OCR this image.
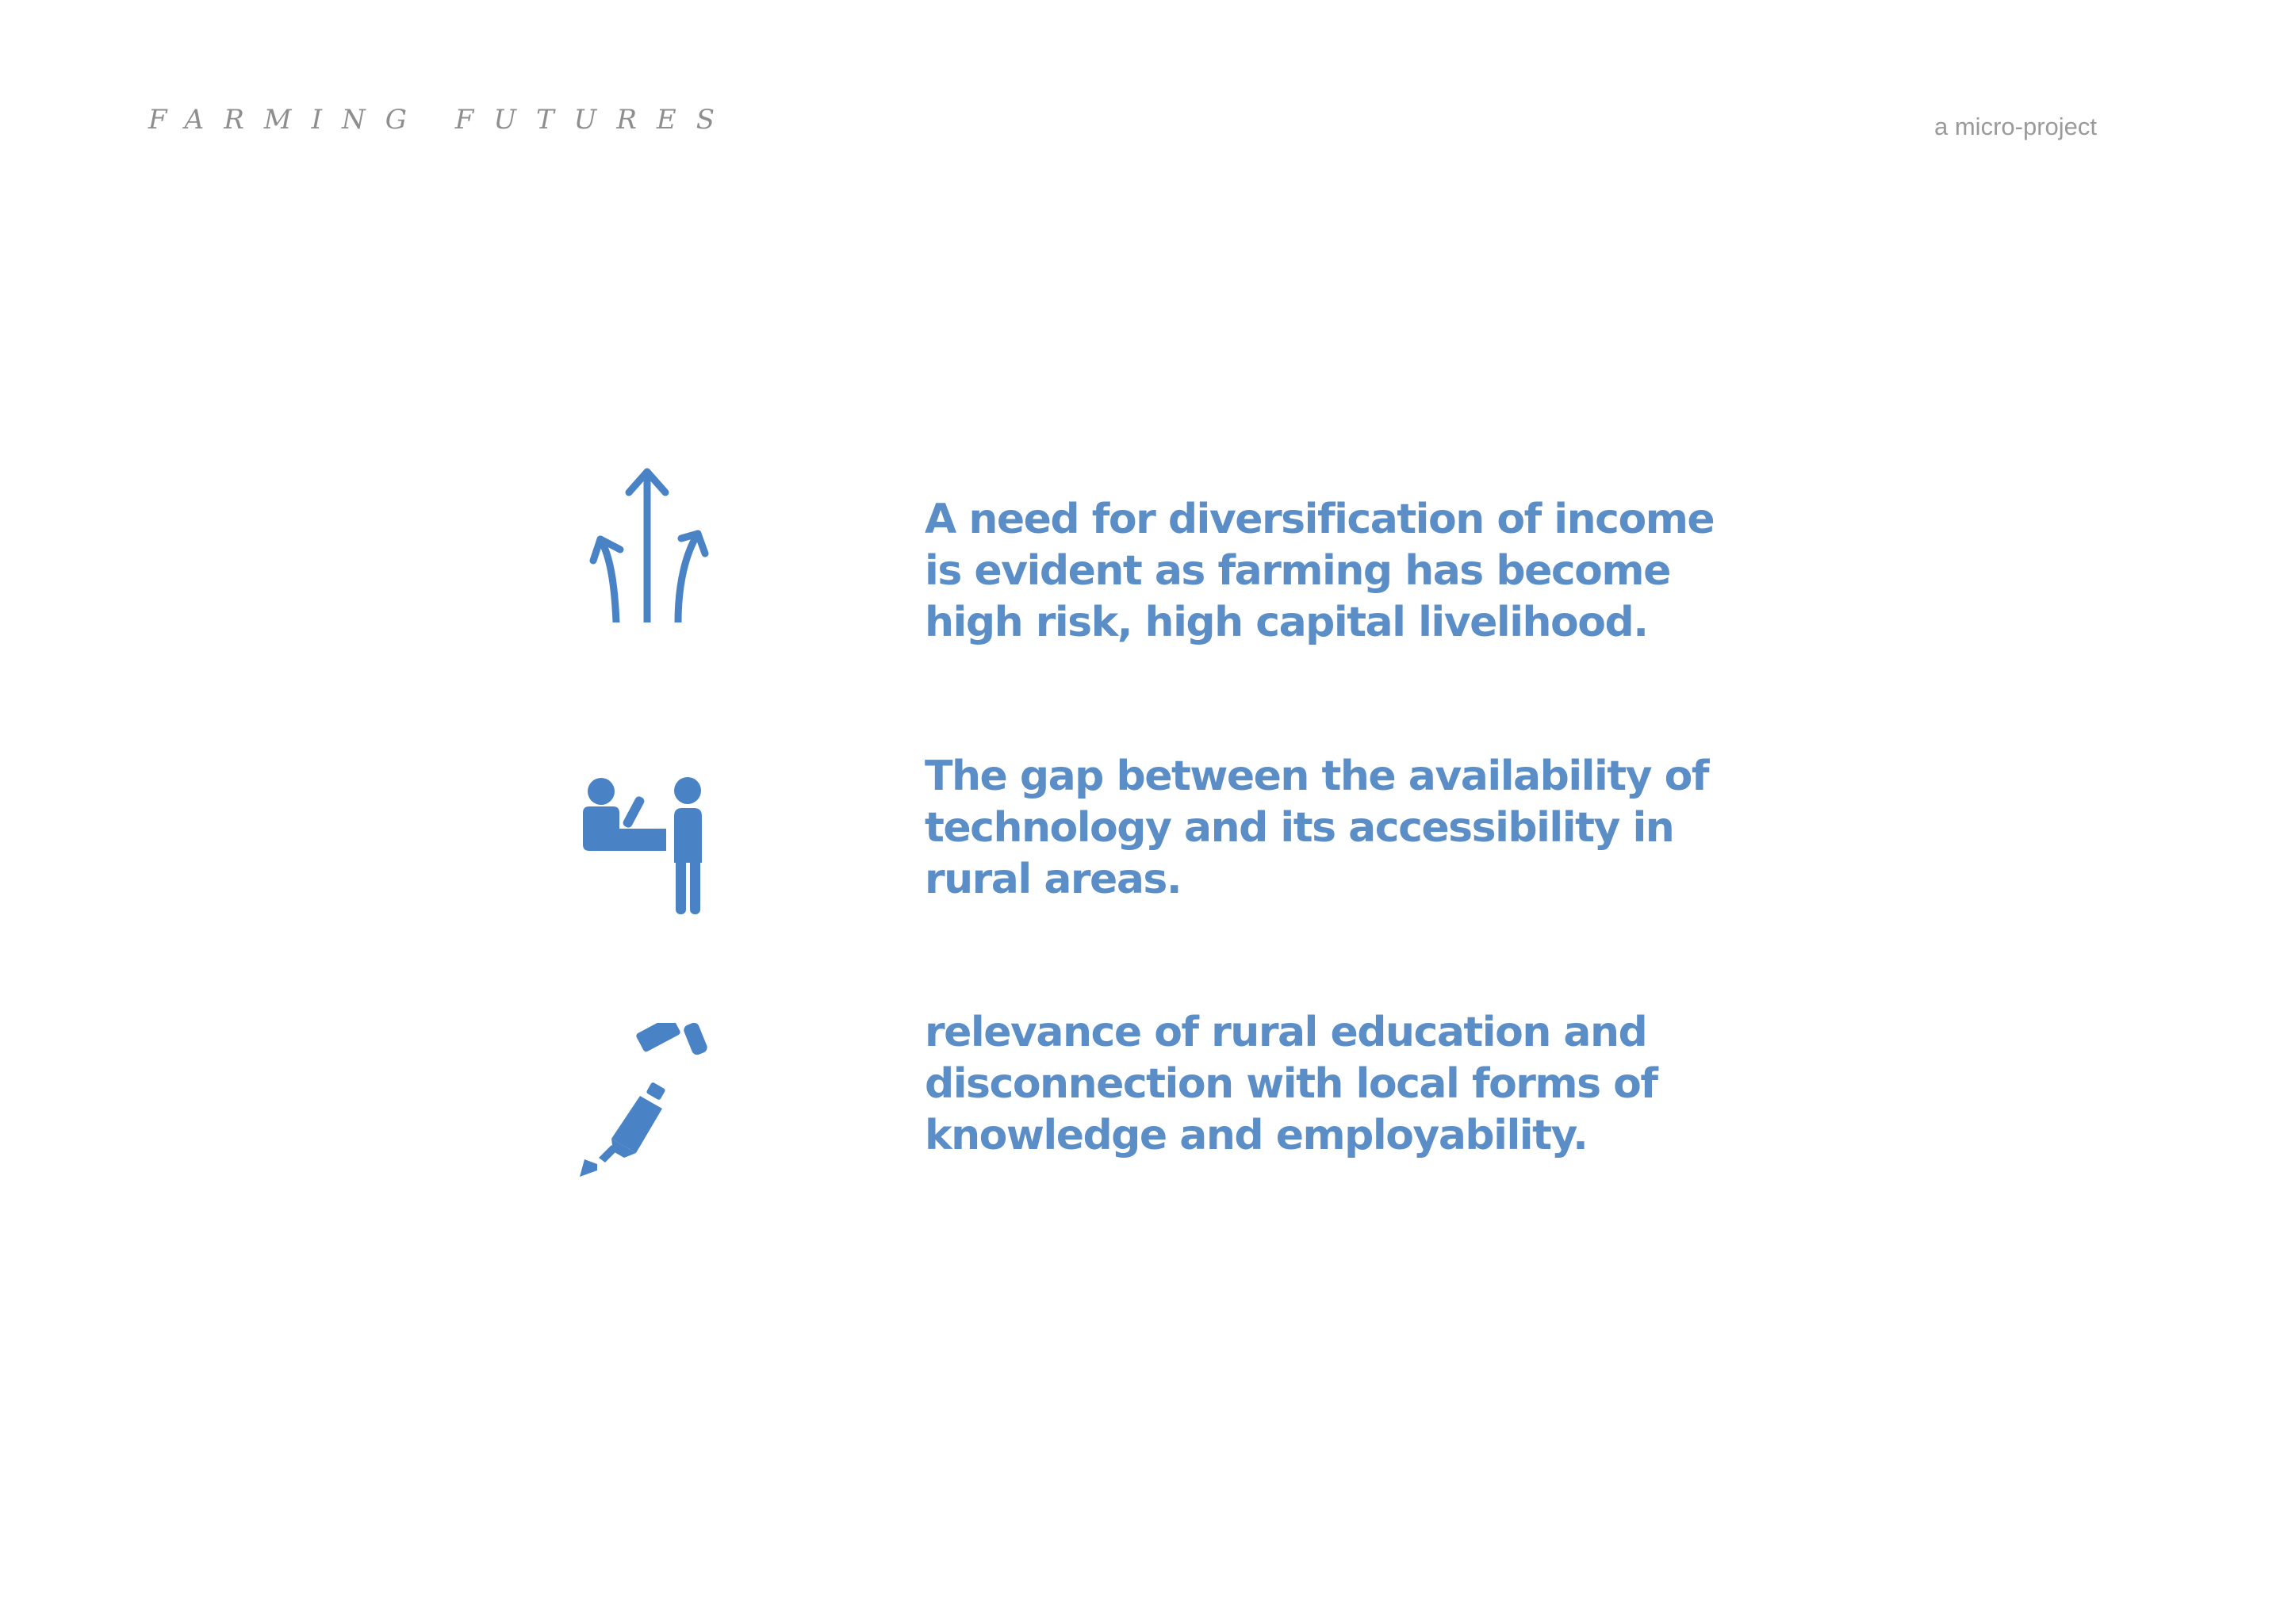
FARMING FUTURES	a micro-project

A need for diversification of income is evident as farming has become high risk, high capital livelihood.

The gap between the availability of technology and its accessibility in rural areas.

relevance of rural education and disconnection with local forms of knowledge and employability.
